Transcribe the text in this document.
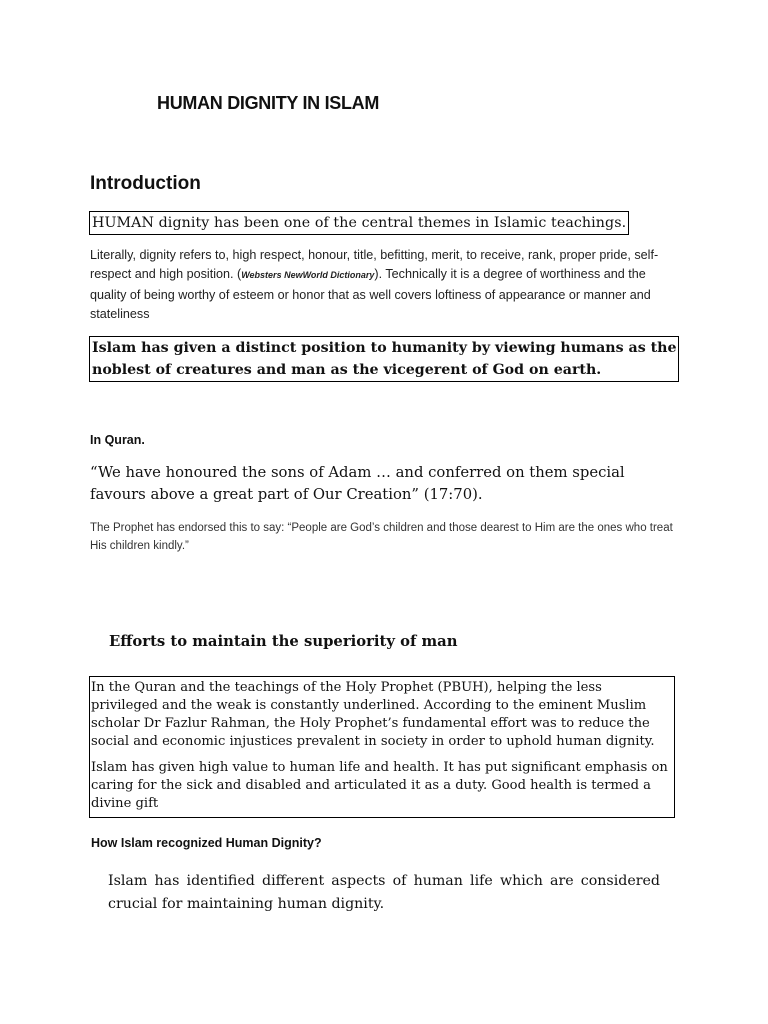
HUMAN DIGNITY IN ISLAM
Introduction
HUMAN dignity has been one of the central themes in Islamic teachings.
Literally, dignity refers to, high respect, honour, title, befitting, merit, to receive, rank, proper pride, self-respect and high position. (Websters NewWorld Dictionary). Technically it is a degree of worthiness and the quality of being worthy of esteem or honor that as well covers loftiness of appearance or manner and stateliness
Islam has given a distinct position to humanity by viewing humans as the noblest of creatures and man as the vicegerent of God on earth.
In Quran.
“We have honoured the sons of Adam … and conferred on them special favours above a great part of Our Creation” (17:70).
The Prophet has endorsed this to say: “People are God’s children and those dearest to Him are the ones who treat His children kindly.”
Efforts to maintain the superiority of man

In the Quran and the teachings of the Holy Prophet (PBUH), helping the less privileged and the weak is constantly underlined. According to the eminent Muslim scholar Dr Fazlur Rahman, the Holy Prophet’s fundamental effort was to reduce the social and economic injustices prevalent in society in order to uphold human dignity.

Islam has given high value to human life and health. It has put significant emphasis on caring for the sick and disabled and articulated it as a duty. Good health is termed a divine gift

How Islam recognized Human Dignity?
Islam has identified different aspects of human life which are considered crucial for maintaining human dignity.
